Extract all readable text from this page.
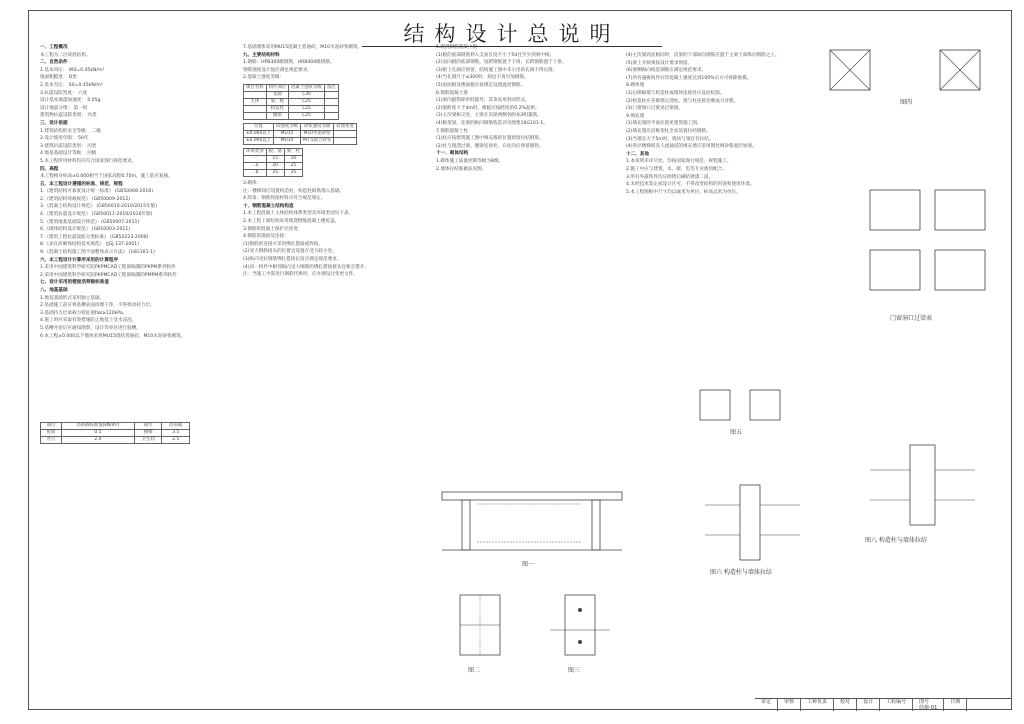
结构设计总说明

一、工程概况

本工程为二层砖混结构。

二、自然条件

1.基本风压： W0=0.45kN/m²

地面粗糙度： B类

2.基本雪压： S0=0.45kN/m²

3.抗震设防烈度： 六度

设计基本地震加速度： 0.05g

设计地震分组： 第一组

建筑物抗震设防类别： 丙类

三、设计依据

1.建筑结构的安全等级： 二级

2.设计使用年限： 50年

3.建筑抗震设防类别： 丙类

4.地基基础设计等级： 丙级

5.本工程所用材料均应符合国家现行规范要求。

四、高程

本工程相对标高±0.000相当于国家高程6.70m，施工前应复核。

五、本工程设计遵循的标准、规范、规程

1.《建筑结构可靠度设计统一标准》 (GB50068-2018)

2.《建筑结构荷载规范》 (GB50009-2012)

3.《混凝土结构设计规范》 (GB50010-2010/2015年版)

4.《建筑抗震设计规范》 (GB50011-2010/2016年版)

5.《建筑地基基础设计规范》 (GB50007-2011)

6.《砌体结构设计规范》 (GB50003-2011)

7.《建筑工程抗震设防分类标准》 (GB50223-2008)

8.《多孔砖砌体结构技术规范》 (JGJ 137-2001)

9.《混凝土结构施工图平面整体表示方法》 (16G101-1)

六、本工程设计计算所采用的计算程序

1.采用中国建筑科学研究院PKPMCAD工程部编制的PKPM系列软件

2.采用中国建筑科学研究院PKPMCAD工程部编制的PMPM系列软件

七、设计采用的楼面活荷载标准值

八、地基基础

1.地基基础形式采用独立基础。

2.基础施工前应将基槽表面清理干净，不得扰动持力层。

3.基础持力层承载力特征值fak≥120kPa。

4.施工时应采取有效措施防止地基土受水浸泡。

5.基槽开挖后应通知勘察、设计等单位进行验槽。

6.本工程±0.000以下墙体采用MU15烧结普通砖，M10水泥砂浆砌筑。

7.基础墙体采用MU15混凝土普通砖，M10水泥砂浆砌筑。

九、主要结构材料

1.钢筋：HPB300级钢筋，HRB400级钢筋。

钢筋强度设计值应满足规范要求。

2.混凝土强度等级：

项目名称	构件部位	混凝土强度等级	备注
	基础	C30	
主体	梁、板	C25	
	构造柱	C25	
	圈梁	C25	
位置	砖强度等级	砂浆强度等级	砖墙密度
±0.000以下	MU15	M10水泥砂浆	
±0.000以上	MU10	M7.5混合砂浆	
环境类别	板、墙	梁、柱
一	15	20
二a	20	25
二b	25	35

3.砌体：

注：楼梯间应设置构造柱，构造柱纵筋锚入基础。

4.焊条：钢筋焊接材料应符合规范规定。

十、钢筋混凝土结构构造

1.本工程混凝土主体结构体系类型及环境类别见下表。

2.本工程上部结构采用现浇钢筋混凝土楼屋盖。

3.钢筋的混凝土保护层厚度：

4.钢筋的锚固及连接：

(1)钢筋的连接可采用绑扎搭接或焊接。

(2)受力钢筋接头的位置宜设置在受力较小处。

(3)纵向受拉钢筋绑扎搭接长度应满足规范要求。

(4)同一构件中相邻纵向受力钢筋的绑扎搭接接头宜相互错开。

注：当施工中需进行钢筋代换时，应办理设计变更文件。

5.现浇钢筋混凝土板

(1)板的底部钢筋伸入支座长度不小于5d且至少到梁中线。

(2)双向板的底部钢筋，短跨钢筋置于下排，长跨钢筋置于上排。

(3)板上孔洞应预留，结构施工图中未示出的孔洞不得后凿。

(4)当孔洞尺寸≤300时，洞边不再另加钢筋。

(5)屋面板及楼面板应按规定设置温度钢筋。

6.钢筋混凝土梁

(1)梁内箍筋除单肢箍外，其余采用封闭形式。

(2)梁跨度大于4m时，模板应按跨度的0.2%起拱。

(3)主次梁相交处，主梁在次梁两侧各附加3组箍筋。

(4)框架梁、连梁的纵向钢筋构造详见图集16G101-1。

7.钢筋混凝土柱

(1)柱应按建筑施工图中填充墙的位置预留拉结钢筋。

(2)柱与现浇过梁、圈梁连接处，在柱内应预留插铁。

十一、砌体结构

1.砌体施工质量控制等级为B级。

2.墙体拉结筋做法见图。

(4)主次梁高度相同时，次梁的下部纵向钢筋应置于主梁下部纵向钢筋之上。

(5)梁上开洞须按设计要求预留。

(6)梁侧纵向构造钢筋应满足规范要求。

(7)所有悬挑构件应待混凝土强度达到100%后方可拆除底模。

8.砌体墙

(1)后砌隔墙与构造柱或墙体连接处应设拉结筋。

(2)构造柱应先砌墙后浇柱，墙与柱连接处砌成马牙槎。

(3)门窗洞口过梁见过梁图。

9.填充墙

(1)填充墙的平面位置见建筑施工图。

(2)填充墙应沿框架柱全高设置拉结钢筋。

(3)当墙长大于5m时，墙顶与梁宜有拉结。

(4)各层楼梯间及人流通道的填充墙应采用钢丝网砂浆面层加强。

十二、其他

1.本说明未详尽处，均按国家现行规范、规程施工。

2.施工中应与建筑、水、暖、电等专业密切配合。

3.所有外露铁件均应除锈后刷防锈漆二道。

4.未经技术鉴定或设计许可，不得改变结构的用途和使用环境。

5.本工程图纸中尺寸均以毫米为单位，标高以米为单位。

部位	活荷载标准值(kN/m²)	部位	活荷载
屋面	0.5	楼梯	3.5
办公	2.0	卫生间	2.5
图一
图二	图三
图四
图五
门窗洞口过梁表
图六 构造柱与墙体拉结
图八 构造柱与墙体拉结
审定	审核	工种负责	校对	设计	工程编号	图号
结施-01
日期
